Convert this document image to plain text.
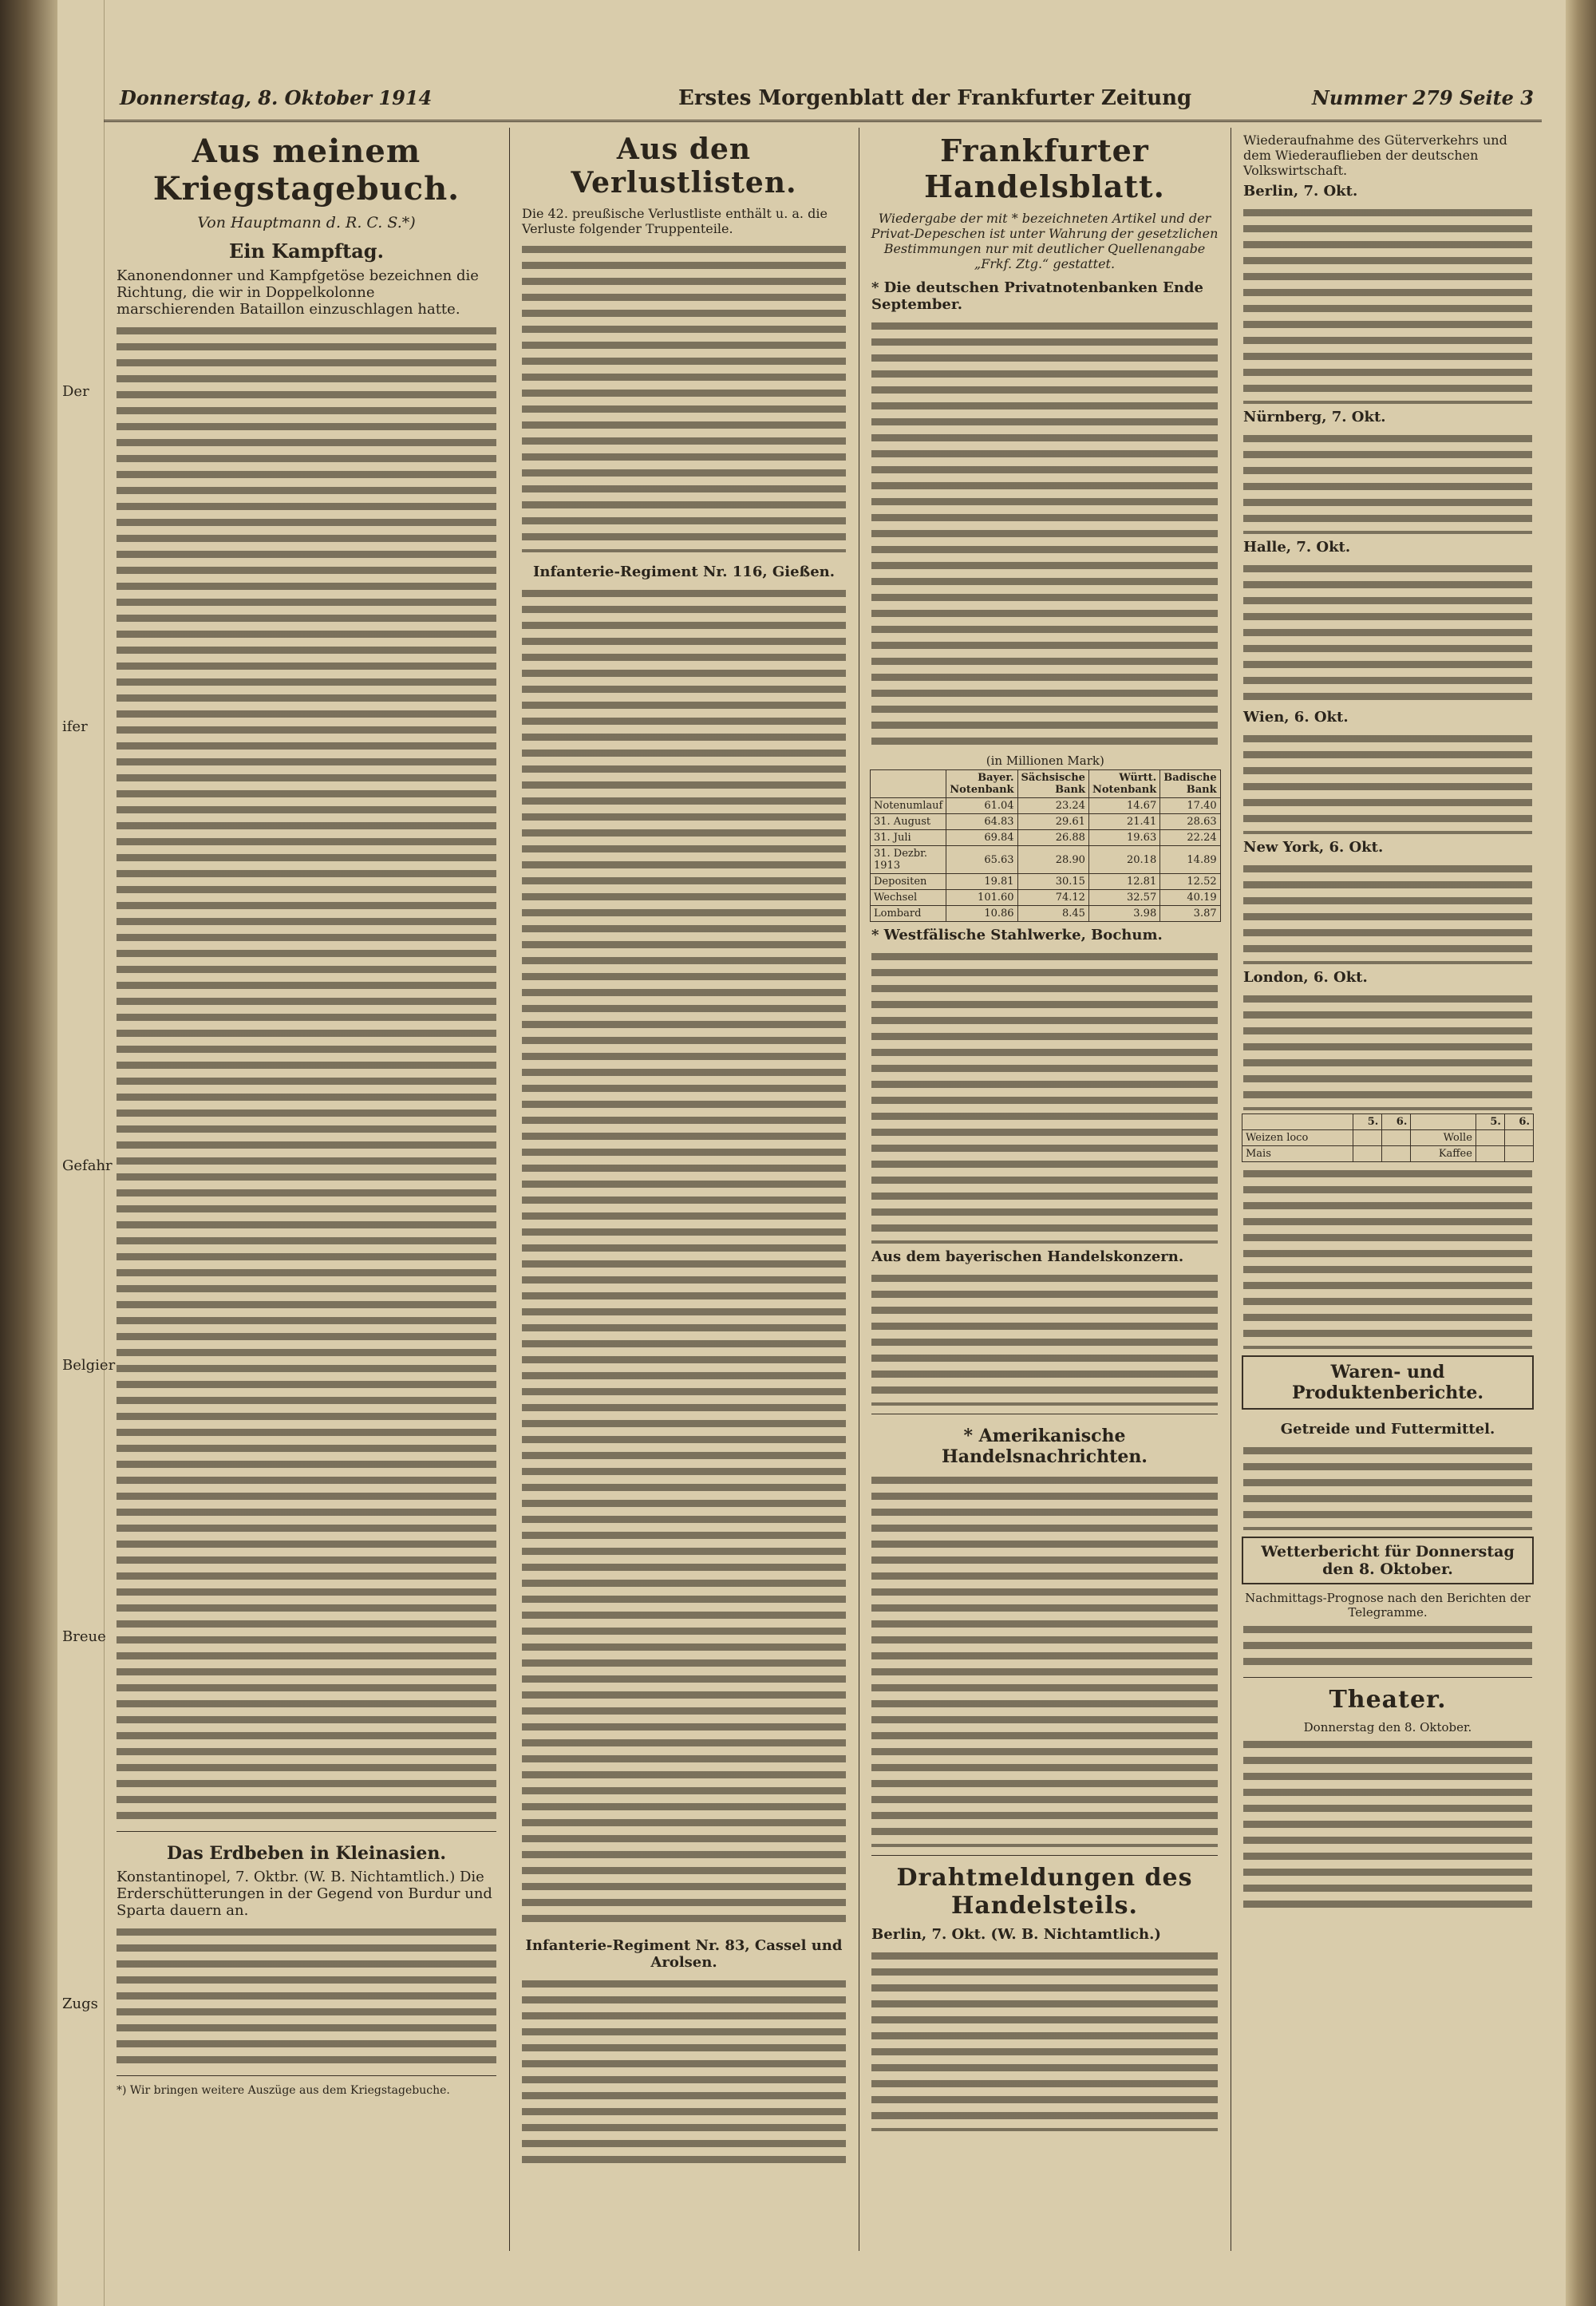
Der
ifer
Gefahr
Belgier
Breue
Zugs
Donnerstag, 8. Oktober 1914	Erstes Morgenblatt der Frankfurter Zeitung	Nummer 279 Seite 3
Aus meinem Kriegstagebuch.
Von Hauptmann d. R. C. S.*)
Ein Kampftag.
Kanonendonner und Kampfgetöse bezeichnen die Richtung, die wir in Doppelkolonne marschierenden Bataillon einzuschlagen hatte.
Das Erdbeben in Kleinasien.
Konstantinopel, 7. Oktbr. (W. B. Nichtamtlich.) Die Erderschütterungen in der Gegend von Burdur und Sparta dauern an.
*) Wir bringen weitere Auszüge aus dem Kriegstagebuche.
Aus den Verlustlisten.
Die 42. preußische Verlustliste enthält u. a. die Verluste folgender Truppenteile.
Infanterie-Regiment Nr. 116, Gießen.
Infanterie-Regiment Nr. 83, Cassel und Arolsen.
Frankfurter Handelsblatt.
Wiedergabe der mit * bezeichneten Artikel und der Privat-Depeschen ist unter Wahrung der gesetzlichen Bestimmungen nur mit deutlicher Quellenangabe „Frkf. Ztg.“ gestattet.
* Die deutschen Privatnotenbanken Ende September.
(in Millionen Mark)
	Bayer. Notenbank	Sächsische Bank	Württ. Notenbank	Badische Bank
Notenumlauf	61.04	23.24	14.67	17.40
31. August	64.83	29.61	21.41	28.63
31. Juli	69.84	26.88	19.63	22.24
31. Dezbr. 1913	65.63	28.90	20.18	14.89
Depositen	19.81	30.15	12.81	12.52
Wechsel	101.60	74.12	32.57	40.19
Lombard	10.86	8.45	3.98	3.87
* Westfälische Stahlwerke, Bochum.
Aus dem bayerischen Handelskonzern.
* Amerikanische Handelsnachrichten.
Drahtmeldungen des Handelsteils.
Berlin, 7. Okt. (W. B. Nichtamtlich.)
Wiederaufnahme des Güterverkehrs und dem Wiederauflieben der deutschen Volkswirtschaft.
Berlin, 7. Okt.
Nürnberg, 7. Okt.
Halle, 7. Okt.
Wien, 6. Okt.
New York, 6. Okt.
London, 6. Okt.
	5.	6.		5.	6.
Weizen loco			Wolle		
Mais			Kaffee		
Waren- und Produktenberichte.
Getreide und Futtermittel.
Wetterbericht für Donnerstag den 8. Oktober.
Nachmittags-Prognose nach den Berichten der Telegramme.
Theater.
Donnerstag den 8. Oktober.
